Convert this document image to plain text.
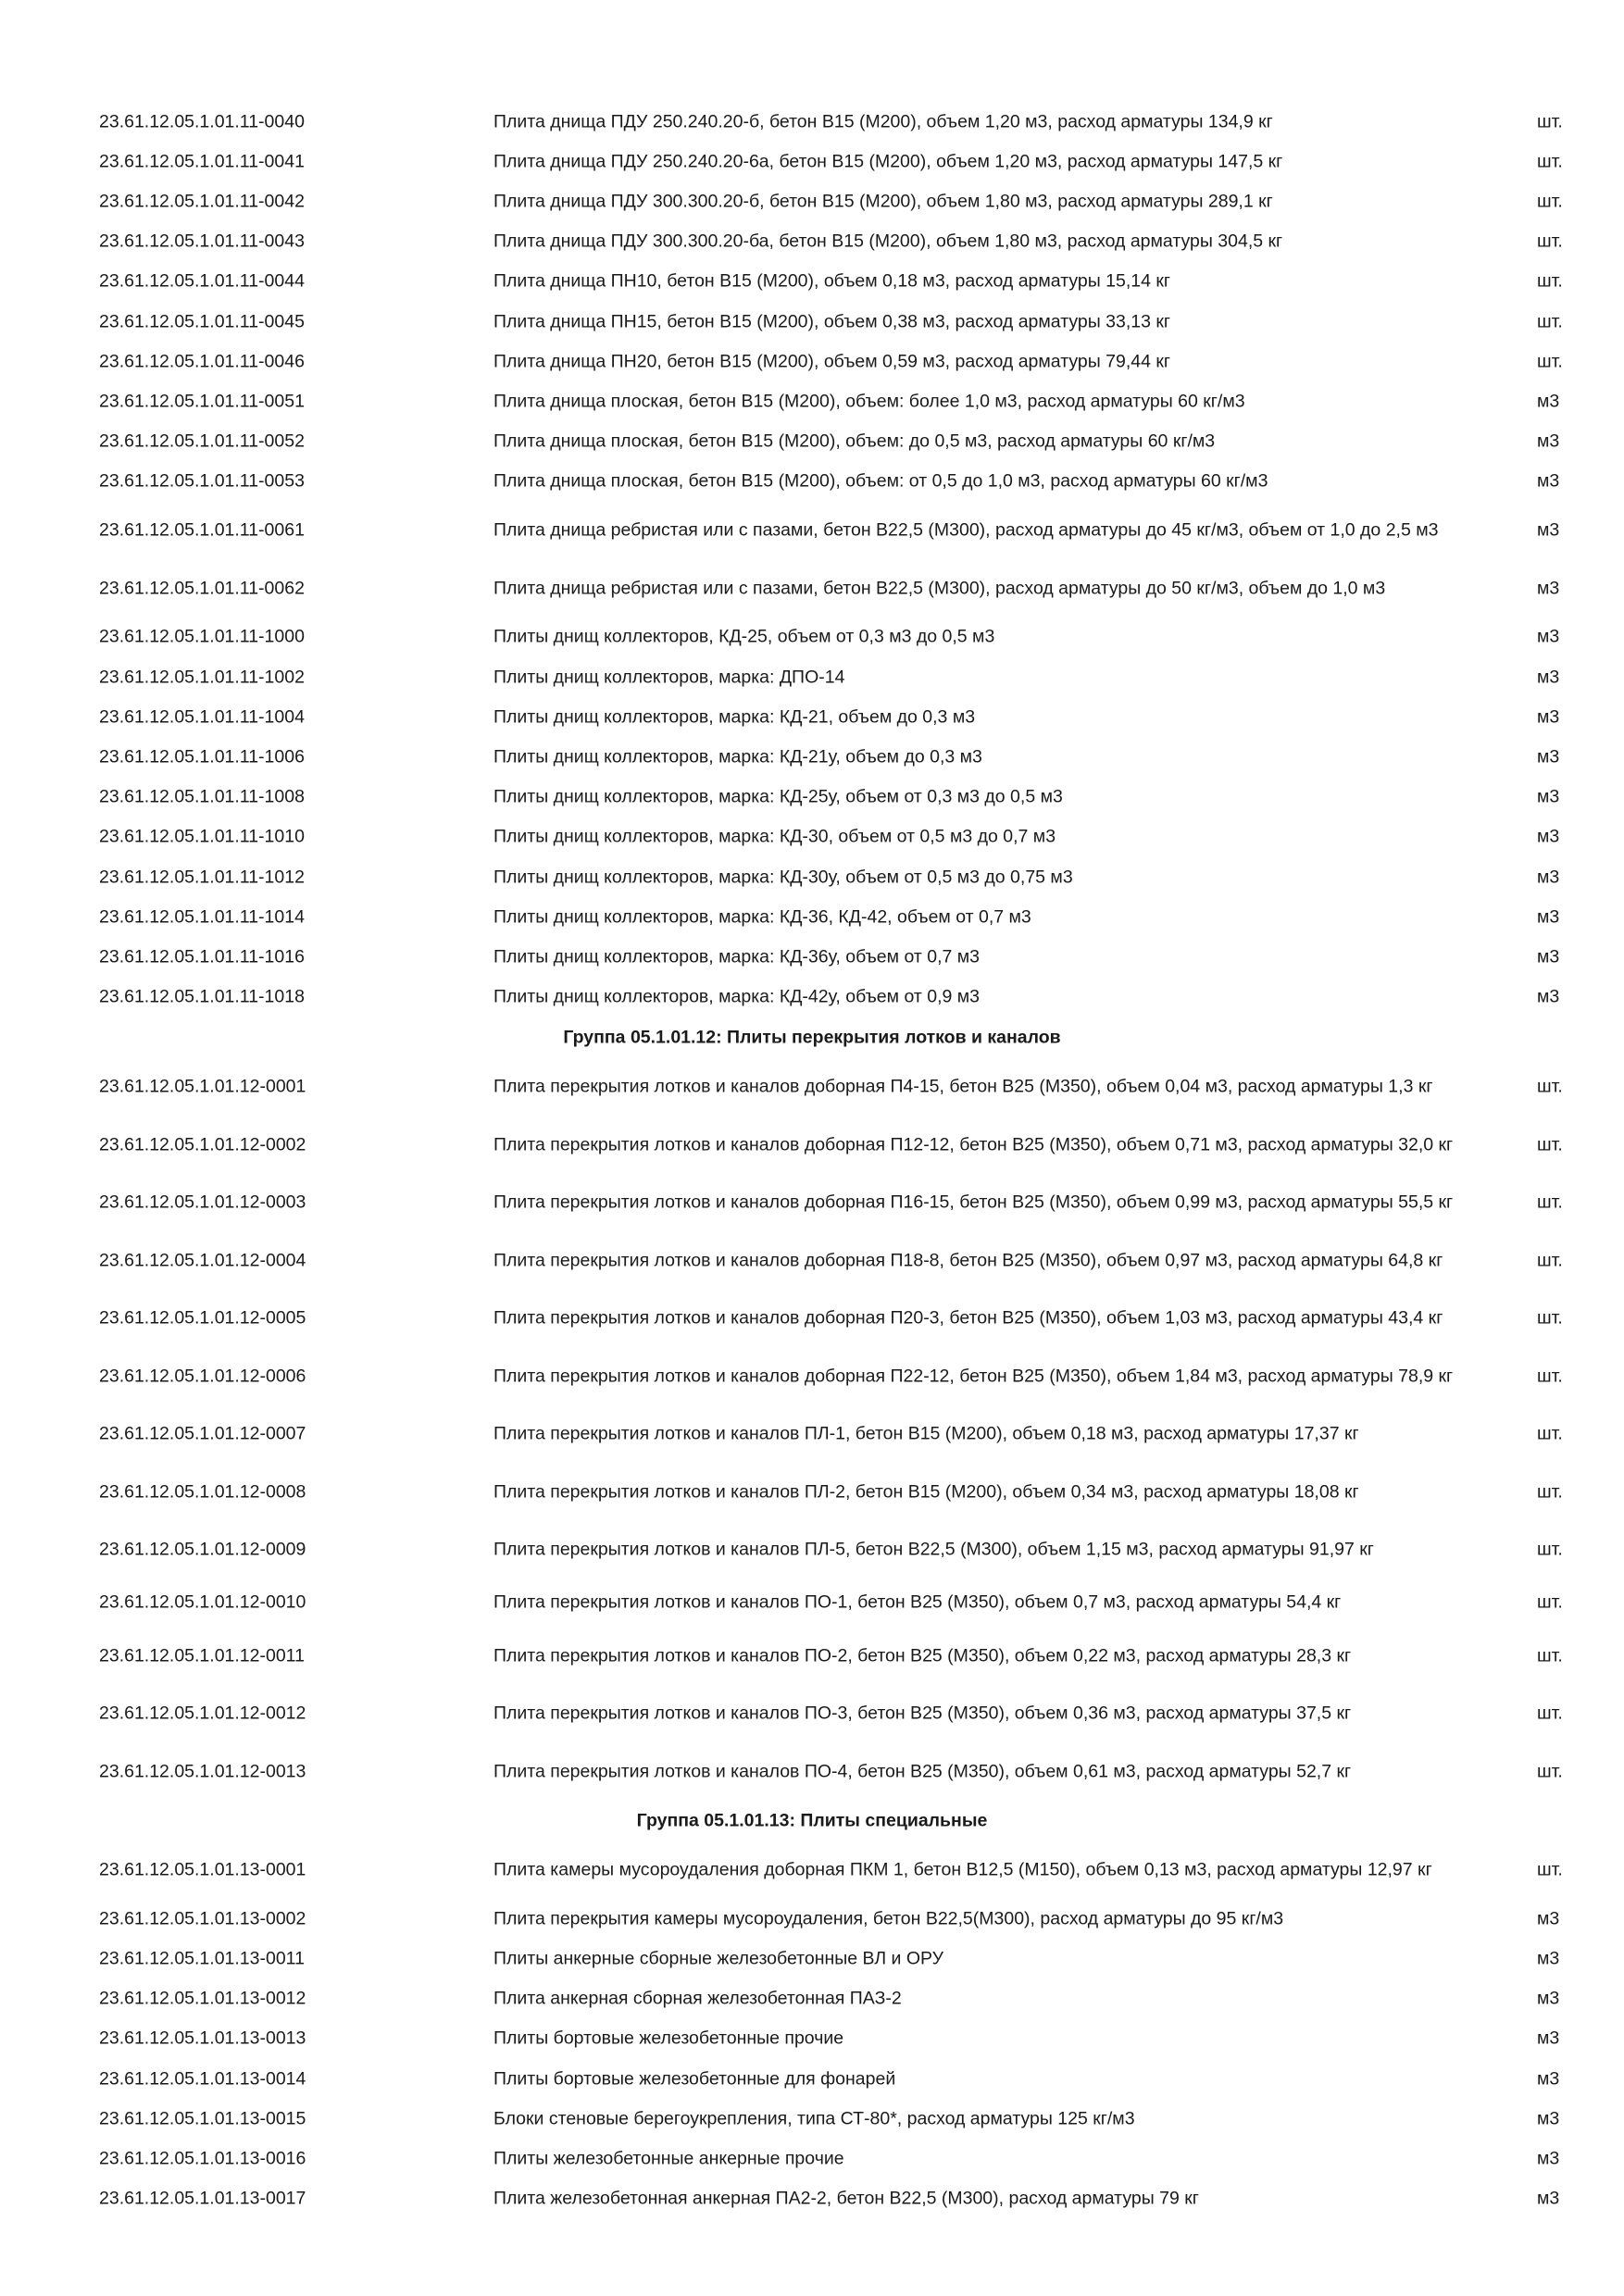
23.61.12.05.1.01.11-0040	Плита днища ПДУ 250.240.20-б, бетон В15 (М200), объем 1,20 м3, расход арматуры 134,9 кг	шт.
23.61.12.05.1.01.11-0041	Плита днища ПДУ 250.240.20-6а, бетон В15 (М200), объем 1,20 м3, расход арматуры 147,5 кг	шт.
23.61.12.05.1.01.11-0042	Плита днища ПДУ 300.300.20-б, бетон В15 (М200), объем 1,80 м3, расход арматуры 289,1 кг	шт.
23.61.12.05.1.01.11-0043	Плита днища ПДУ 300.300.20-ба, бетон В15 (М200), объем 1,80 м3, расход арматуры 304,5 кг	шт.
23.61.12.05.1.01.11-0044	Плита днища ПН10, бетон В15 (М200), объем 0,18 м3, расход арматуры 15,14 кг	шт.
23.61.12.05.1.01.11-0045	Плита днища ПН15, бетон В15 (М200), объем 0,38 м3, расход арматуры 33,13 кг	шт.
23.61.12.05.1.01.11-0046	Плита днища ПН20, бетон В15 (М200), объем 0,59 м3, расход арматуры 79,44 кг	шт.
23.61.12.05.1.01.11-0051	Плита днища плоская, бетон В15 (М200), объем: более 1,0 м3, расход арматуры 60 кг/м3	м3
23.61.12.05.1.01.11-0052	Плита днища плоская, бетон В15 (М200), объем: до 0,5 м3, расход арматуры 60 кг/м3	м3
23.61.12.05.1.01.11-0053	Плита днища плоская, бетон В15 (М200), объем: от 0,5 до 1,0 м3, расход арматуры 60 кг/м3	м3
23.61.12.05.1.01.11-0061	Плита днища ребристая или с пазами, бетон В22,5 (М300), расход арматуры до 45 кг/м3, объем от 1,0 до 2,5 м3	м3
23.61.12.05.1.01.11-0062	Плита днища ребристая или с пазами, бетон В22,5 (М300), расход арматуры до 50 кг/м3, объем до 1,0 м3	м3
23.61.12.05.1.01.11-1000	Плиты днищ коллекторов, КД-25, объем от 0,3 м3 до 0,5 м3	м3
23.61.12.05.1.01.11-1002	Плиты днищ коллекторов, марка: ДПО-14	м3
23.61.12.05.1.01.11-1004	Плиты днищ коллекторов, марка: КД-21, объем до 0,3 м3	м3
23.61.12.05.1.01.11-1006	Плиты днищ коллекторов, марка: КД-21у, объем до 0,3 м3	м3
23.61.12.05.1.01.11-1008	Плиты днищ коллекторов, марка: КД-25у, объем от 0,3 м3 до 0,5 м3	м3
23.61.12.05.1.01.11-1010	Плиты днищ коллекторов, марка: КД-30, объем от 0,5 м3 до 0,7 м3	м3
23.61.12.05.1.01.11-1012	Плиты днищ коллекторов, марка: КД-30у, объем от 0,5 м3 до 0,75 м3	м3
23.61.12.05.1.01.11-1014	Плиты днищ коллекторов, марка: КД-36, КД-42, объем от 0,7 м3	м3
23.61.12.05.1.01.11-1016	Плиты днищ коллекторов, марка: КД-36у, объем от 0,7 м3	м3
23.61.12.05.1.01.11-1018	Плиты днищ коллекторов, марка: КД-42у, объем от 0,9 м3	м3
Группа 05.1.01.12: Плиты перекрытия лотков и каналов
23.61.12.05.1.01.12-0001	Плита перекрытия лотков и каналов доборная П4-15, бетон В25 (М350), объем 0,04 м3, расход арматуры 1,3 кг	шт.
23.61.12.05.1.01.12-0002	Плита перекрытия лотков и каналов доборная П12-12, бетон В25 (М350), объем 0,71 м3, расход арматуры 32,0 кг	шт.
23.61.12.05.1.01.12-0003	Плита перекрытия лотков и каналов доборная П16-15, бетон В25 (М350), объем 0,99 м3, расход арматуры 55,5 кг	шт.
23.61.12.05.1.01.12-0004	Плита перекрытия лотков и каналов доборная П18-8, бетон В25 (М350), объем 0,97 м3, расход арматуры 64,8 кг	шт.
23.61.12.05.1.01.12-0005	Плита перекрытия лотков и каналов доборная П20-3, бетон В25 (М350), объем 1,03 м3, расход арматуры 43,4 кг	шт.
23.61.12.05.1.01.12-0006	Плита перекрытия лотков и каналов доборная П22-12, бетон В25 (М350), объем 1,84 м3, расход арматуры 78,9 кг	шт.
23.61.12.05.1.01.12-0007	Плита перекрытия лотков и каналов ПЛ-1, бетон В15 (М200), объем 0,18 м3, расход арматуры 17,37 кг	шт.
23.61.12.05.1.01.12-0008	Плита перекрытия лотков и каналов ПЛ-2, бетон В15 (М200), объем 0,34 м3, расход арматуры 18,08 кг	шт.
23.61.12.05.1.01.12-0009	Плита перекрытия лотков и каналов ПЛ-5, бетон В22,5 (М300), объем 1,15 м3, расход арматуры 91,97 кг	шт.
23.61.12.05.1.01.12-0010	Плита перекрытия лотков и каналов ПО-1, бетон В25 (М350), объем 0,7 м3, расход арматуры 54,4 кг	шт.
23.61.12.05.1.01.12-0011	Плита перекрытия лотков и каналов ПО-2, бетон В25 (М350), объем 0,22 м3, расход арматуры 28,3 кг	шт.
23.61.12.05.1.01.12-0012	Плита перекрытия лотков и каналов ПО-3, бетон В25 (М350), объем 0,36 м3, расход арматуры 37,5 кг	шт.
23.61.12.05.1.01.12-0013	Плита перекрытия лотков и каналов ПО-4, бетон В25 (М350), объем 0,61 м3, расход арматуры 52,7 кг	шт.
Группа 05.1.01.13: Плиты специальные
23.61.12.05.1.01.13-0001	Плита камеры мусороудаления доборная ПКМ 1, бетон В12,5 (М150), объем 0,13 м3, расход арматуры 12,97 кг	шт.
23.61.12.05.1.01.13-0002	Плита перекрытия камеры мусороудаления, бетон В22,5(М300), расход арматуры до 95 кг/м3	м3
23.61.12.05.1.01.13-0011	Плиты анкерные сборные железобетонные ВЛ и ОРУ	м3
23.61.12.05.1.01.13-0012	Плита анкерная сборная железобетонная ПАЗ-2	м3
23.61.12.05.1.01.13-0013	Плиты бортовые железобетонные прочие	м3
23.61.12.05.1.01.13-0014	Плиты бортовые железобетонные для фонарей	м3
23.61.12.05.1.01.13-0015	Блоки стеновые берегоукрепления, типа СТ-80*, расход арматуры 125 кг/м3	м3
23.61.12.05.1.01.13-0016	Плиты железобетонные анкерные прочие	м3
23.61.12.05.1.01.13-0017	Плита железобетонная анкерная ПА2-2, бетон В22,5 (М300), расход арматуры 79 кг	м3
